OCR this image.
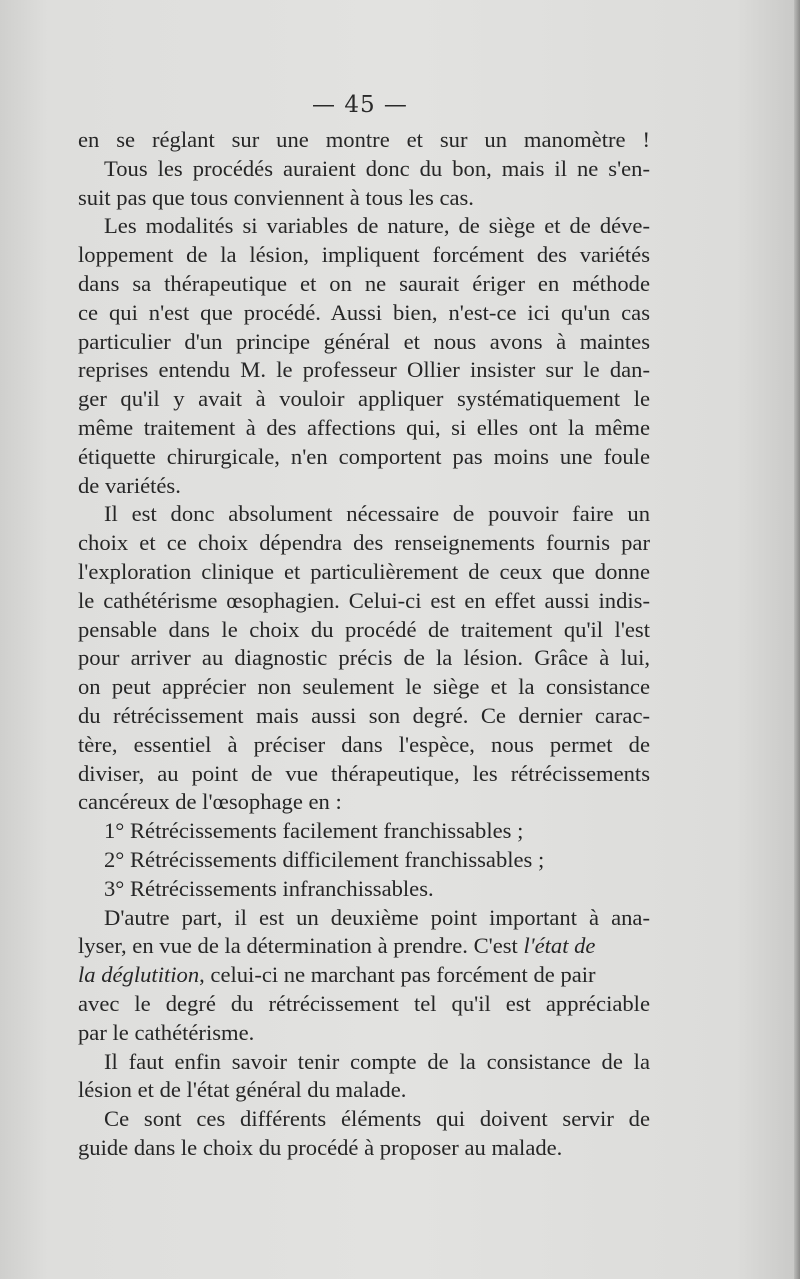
— 45 —
en se réglant sur une montre et sur un manomètre !
Tous les procédés auraient donc du bon, mais il ne s'en-
suit pas que tous conviennent à tous les cas.
Les modalités si variables de nature, de siège et de déve-
loppement de la lésion, impliquent forcément des variétés
dans sa thérapeutique et on ne saurait ériger en méthode
ce qui n'est que procédé. Aussi bien, n'est-ce ici qu'un cas
particulier d'un principe général et nous avons à maintes
reprises entendu M. le professeur Ollier insister sur le dan-
ger qu'il y avait à vouloir appliquer systématiquement le
même traitement à des affections qui, si elles ont la même
étiquette chirurgicale, n'en comportent pas moins une foule
de variétés.
Il est donc absolument nécessaire de pouvoir faire un
choix et ce choix dépendra des renseignements fournis par
l'exploration clinique et particulièrement de ceux que donne
le cathétérisme œsophagien. Celui-ci est en effet aussi indis-
pensable dans le choix du procédé de traitement qu'il l'est
pour arriver au diagnostic précis de la lésion. Grâce à lui,
on peut apprécier non seulement le siège et la consistance
du rétrécissement mais aussi son degré. Ce dernier carac-
tère, essentiel à préciser dans l'espèce, nous permet de
diviser, au point de vue thérapeutique, les rétrécissements
cancéreux de l'œsophage en :
1° Rétrécissements facilement franchissables ;
2° Rétrécissements difficilement franchissables ;
3° Rétrécissements infranchissables.
D'autre part, il est un deuxième point important à ana-
lyser, en vue de la détermination à prendre. C'est l'état de
la déglutition, celui-ci ne marchant pas forcément de pair
avec le degré du rétrécissement tel qu'il est appréciable
par le cathétérisme.
Il faut enfin savoir tenir compte de la consistance de la
lésion et de l'état général du malade.
Ce sont ces différents éléments qui doivent servir de
guide dans le choix du procédé à proposer au malade.
